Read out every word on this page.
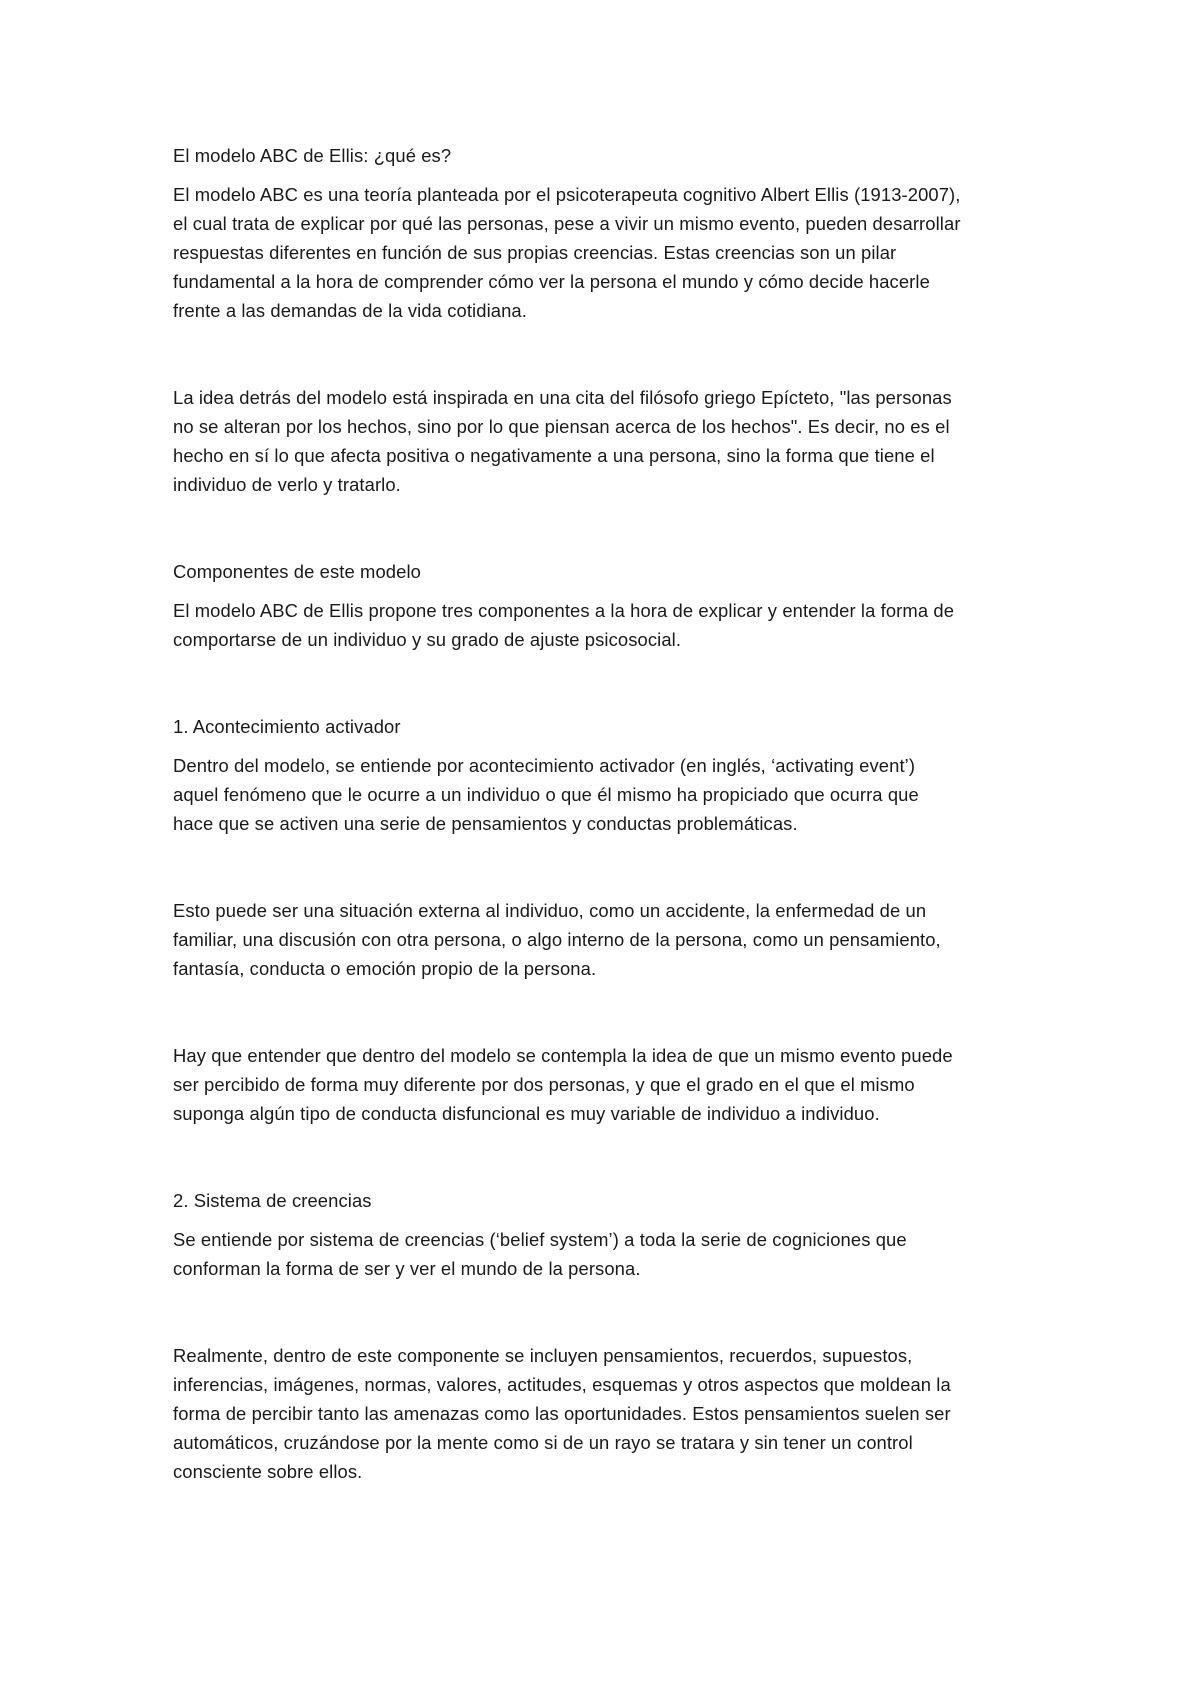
El modelo ABC de Ellis: ¿qué es?

El modelo ABC es una teoría planteada por el psicoterapeuta cognitivo Albert Ellis (1913-2007),
el cual trata de explicar por qué las personas, pese a vivir un mismo evento, pueden desarrollar
respuestas diferentes en función de sus propias creencias. Estas creencias son un pilar
fundamental a la hora de comprender cómo ver la persona el mundo y cómo decide hacerle
frente a las demandas de la vida cotidiana.

La idea detrás del modelo está inspirada en una cita del filósofo griego Epícteto, "las personas
no se alteran por los hechos, sino por lo que piensan acerca de los hechos". Es decir, no es el
hecho en sí lo que afecta positiva o negativamente a una persona, sino la forma que tiene el
individuo de verlo y tratarlo.

Componentes de este modelo

El modelo ABC de Ellis propone tres componentes a la hora de explicar y entender la forma de
comportarse de un individuo y su grado de ajuste psicosocial.

1. Acontecimiento activador

Dentro del modelo, se entiende por acontecimiento activador (en inglés, ‘activating event’)
aquel fenómeno que le ocurre a un individuo o que él mismo ha propiciado que ocurra que
hace que se activen una serie de pensamientos y conductas problemáticas.

Esto puede ser una situación externa al individuo, como un accidente, la enfermedad de un
familiar, una discusión con otra persona, o algo interno de la persona, como un pensamiento,
fantasía, conducta o emoción propio de la persona.

Hay que entender que dentro del modelo se contempla la idea de que un mismo evento puede
ser percibido de forma muy diferente por dos personas, y que el grado en el que el mismo
suponga algún tipo de conducta disfuncional es muy variable de individuo a individuo.

2. Sistema de creencias

Se entiende por sistema de creencias (‘belief system’) a toda la serie de cogniciones que
conforman la forma de ser y ver el mundo de la persona.

Realmente, dentro de este componente se incluyen pensamientos, recuerdos, supuestos,
inferencias, imágenes, normas, valores, actitudes, esquemas y otros aspectos que moldean la
forma de percibir tanto las amenazas como las oportunidades. Estos pensamientos suelen ser
automáticos, cruzándose por la mente como si de un rayo se tratara y sin tener un control
consciente sobre ellos.
